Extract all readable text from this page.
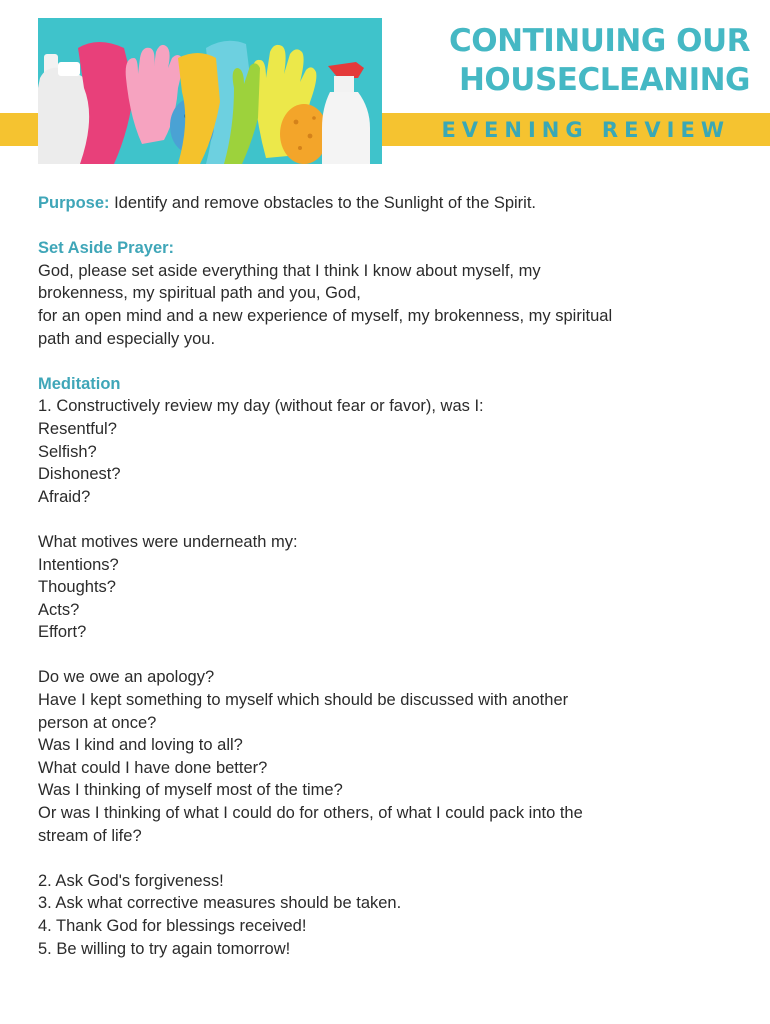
CONTINUING OUR
HOUSECLEANING
EVENING REVIEW

Purpose: Identify and remove obstacles to the Sunlight of the Spirit.

Set Aside Prayer:

God, please set aside everything that I think I know about myself, my

brokenness, my spiritual path and you, God,

for an open mind and a new experience of myself, my brokenness, my spiritual

path and especially you.

Meditation

1. Constructively review my day (without fear or favor), was I:

Resentful?

Selfish?

Dishonest?

Afraid?

What motives were underneath my:

Intentions?

Thoughts?

Acts?

Effort?

Do we owe an apology?

Have I kept something to myself which should be discussed with another

person at once?

Was I kind and loving to all?

What could I have done better?

Was I thinking of myself most of the time?

Or was I thinking of what I could do for others, of what I could pack into the

stream of life?

2. Ask God's forgiveness!

3. Ask what corrective measures should be taken.

4. Thank God for blessings received!

5. Be willing to try again tomorrow!
